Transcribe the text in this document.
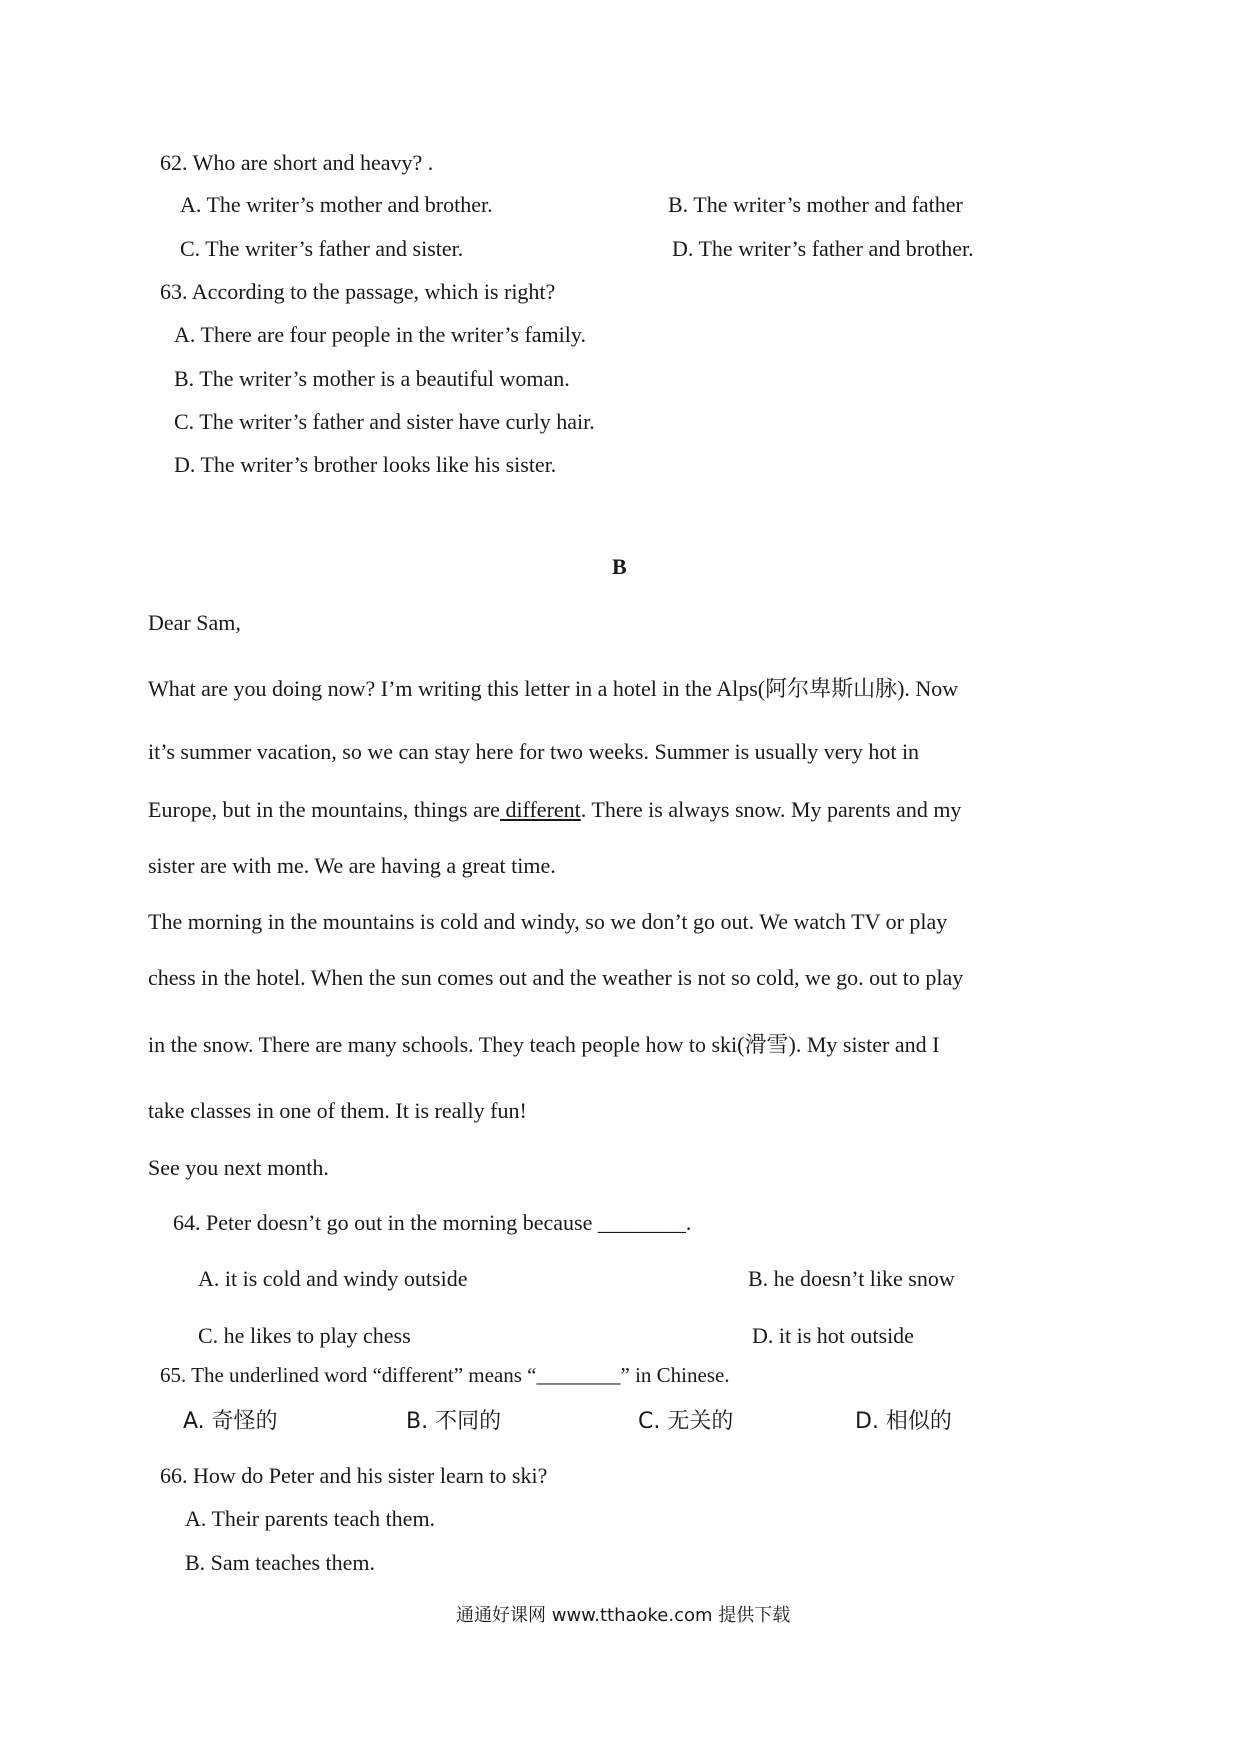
62. Who are short and heavy? .
A. The writer’s mother and brother.	B. The writer’s mother and father
C. The writer’s father and sister.	D. The writer’s father and brother.
63. According to the passage, which is right?
A. There are four people in the writer’s family.
B. The writer’s mother is a beautiful woman.
C. The writer’s father and sister have curly hair.
D. The writer’s brother looks like his sister.
B
Dear Sam,
What are you doing now? I’m writing this letter in a hotel in the Alps(阿尔卑斯山脉). Now
it’s summer vacation, so we can stay here for two weeks. Summer is usually very hot in
Europe, but in the mountains, things are different. There is always snow. My parents and my
sister are with me. We are having a great time.
The morning in the mountains is cold and windy, so we don’t go out. We watch TV or play
chess in the hotel. When the sun comes out and the weather is not so cold, we go. out to play
in the snow. There are many schools. They teach people how to ski(滑雪). My sister and I
take classes in one of them. It is really fun!
See you next month.
64. Peter doesn’t go out in the morning because ________.
A. it is cold and windy outside	B. he doesn’t like snow
C. he likes to play chess	D. it is hot outside
65. The underlined word “different” means “________” in Chinese.
A. 奇怪的	B. 不同的	C. 无关的	D. 相似的
66. How do Peter and his sister learn to ski?
A. Their parents teach them.
B. Sam teaches them.
通通好课网 www.tthaoke.com 提供下载
